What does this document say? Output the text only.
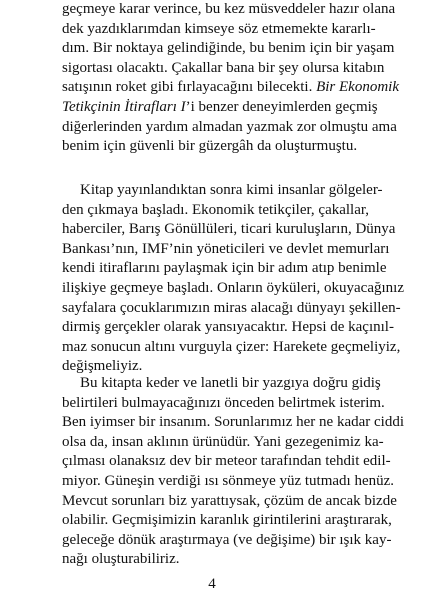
geçmeye karar verince, bu kez müsveddeler hazır olana
dek yazdıklarımdan kimseye söz etmemekte kararlı-
dım. Bir noktaya gelindiğinde, bu benim için bir yaşam
sigortası olacaktı. Çakallar bana bir şey olursa kitabın
satışının roket gibi fırlayacağını bilecekti. Bir Ekonomik
Tetikçinin İtirafları I’i benzer deneyimlerden geçmiş
diğerlerinden yardım almadan yazmak zor olmuştu ama
benim için güvenli bir güzergâh da oluşturmuştu.
Kitap yayınlandıktan sonra kimi insanlar gölgeler-
den çıkmaya başladı. Ekonomik tetikçiler, çakallar,
haberciler, Barış Gönüllüleri, ticari kuruluşların, Dünya
Bankası’nın, IMF’nin yöneticileri ve devlet memurları
kendi itiraflarını paylaşmak için bir adım atıp benimle
ilişkiye geçmeye başladı. Onların öyküleri, okuyacağınız
sayfalara çocuklarımızın miras alacağı dünyayı şekillen-
dirmiş gerçekler olarak yansıyacaktır. Hepsi de kaçınıl-
maz sonucun altını vurguyla çizer: Harekete geçmeliyiz,
değişmeliyiz.
Bu kitapta keder ve lanetli bir yazgıya doğru gidiş
belirtileri bulmayacağınızı önceden belirtmek isterim.
Ben iyimser bir insanım. Sorunlarımız her ne kadar ciddi
olsa da, insan aklının ürünüdür. Yani gezegenimiz ka-
çılması olanaksız dev bir meteor tarafından tehdit edil-
miyor. Güneşin verdiği ısı sönmeye yüz tutmadı henüz.
Mevcut sorunları biz yarattıysak, çözüm de ancak bizde
olabilir. Geçmişimizin karanlık girintilerini araştırarak,
geleceğe dönük araştırmaya (ve değişime) bir ışık kay-
nağı oluşturabiliriz.
4
